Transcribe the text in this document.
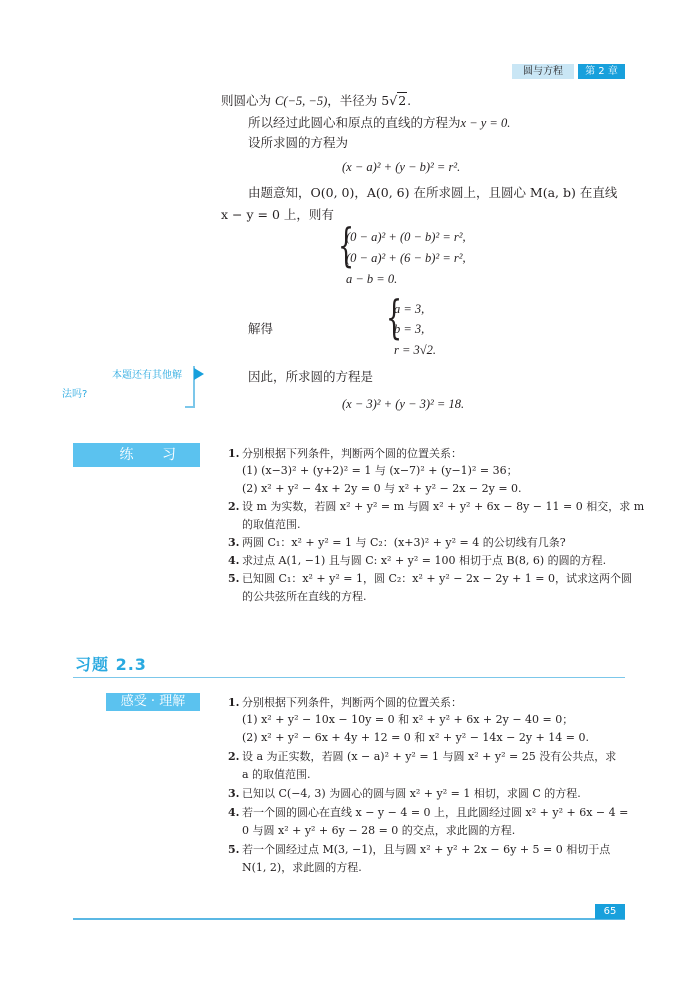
圆与方程	第 2 章
则圆心为 C(−5, −5)，半径为 5√2.
所以经过此圆心和原点的直线的方程为x − y = 0.
设所求圆的方程为
(x − a)² + (y − b)² = r².
由题意知，O(0, 0)，A(0, 6) 在所求圆上，且圆心 M(a, b) 在直线
x − y = 0 上，则有
{
(0 − a)² + (0 − b)² = r²,
(0 − a)² + (6 − b)² = r²,
a − b = 0.
解得 {
a = 3,
b = 3,
r = 3√2.
本题还有其他解
法吗?
因此，所求圆的方程是
(x − 3)² + (y − 3)² = 18.
练 习	1. 分别根据下列条件，判断两个圆的位置关系：
(1) (x−3)² + (y+2)² = 1 与 (x−7)² + (y−1)² = 36；
(2) x² + y² − 4x + 2y = 0 与 x² + y² − 2x − 2y = 0.
2. 设 m 为实数，若圆 x² + y² = m 与圆 x² + y² + 6x − 8y − 11 = 0 相交，求 m
的取值范围.
3. 两圆 C₁：x² + y² = 1 与 C₂：(x+3)² + y² = 4 的公切线有几条?
4. 求过点 A(1, −1) 且与圆 C: x² + y² = 100 相切于点 B(8, 6) 的圆的方程.
5. 已知圆 C₁：x² + y² = 1，圆 C₂：x² + y² − 2x − 2y + 1 = 0，试求这两个圆
的公共弦所在直线的方程.
习题 2.3
感受 · 理解	1. 分别根据下列条件，判断两个圆的位置关系：
(1) x² + y² − 10x − 10y = 0 和 x² + y² + 6x + 2y − 40 = 0；
(2) x² + y² − 6x + 4y + 12 = 0 和 x² + y² − 14x − 2y + 14 = 0.
2. 设 a 为正实数，若圆 (x − a)² + y² = 1 与圆 x² + y² = 25 没有公共点，求
a 的取值范围.
3. 已知以 C(−4, 3) 为圆心的圆与圆 x² + y² = 1 相切，求圆 C 的方程.
4. 若一个圆的圆心在直线 x − y − 4 = 0 上，且此圆经过圆 x² + y² + 6x − 4 =
0 与圆 x² + y² + 6y − 28 = 0 的交点，求此圆的方程.
5. 若一个圆经过点 M(3, −1)，且与圆 x² + y² + 2x − 6y + 5 = 0 相切于点
N(1, 2)，求此圆的方程.
65
